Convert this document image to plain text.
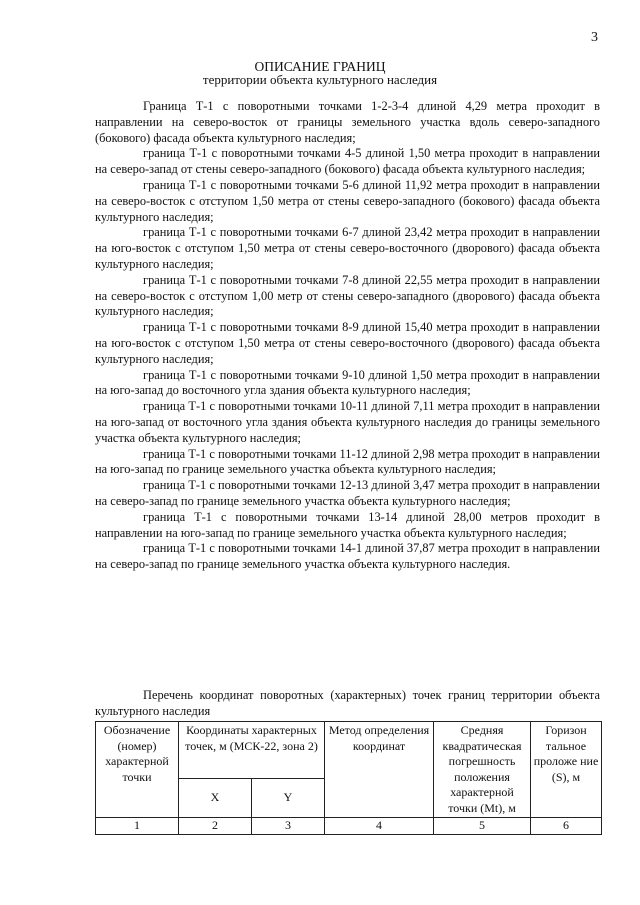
3
ОПИСАНИЕ ГРАНИЦ
территории объекта культурного наследия

Граница Т-1 с поворотными точками 1-2-3-4 длиной 4,29 метра проходит в направлении на северо-восток от границы земельного участка вдоль северо-западного (бокового) фасада объекта культурного наследия;

граница Т-1 с поворотными точками 4-5 длиной 1,50 метра проходит в направлении на северо-запад от стены северо-западного (бокового) фасада объекта культурного наследия;

граница Т-1 с поворотными точками 5-6 длиной 11,92 метра проходит в направлении на северо-восток с отступом 1,50 метра от стены северо-западного (бокового) фасада объекта культурного наследия;

граница Т-1 с поворотными точками 6-7 длиной 23,42 метра проходит в направлении на юго-восток с отступом 1,50 метра от стены северо-восточного (дворового) фасада объекта культурного наследия;

граница Т-1 с поворотными точками 7-8 длиной 22,55 метра проходит в направлении на северо-восток с отступом 1,00 метр от стены северо-западного (дворового) фасада объекта культурного наследия;

граница Т-1 с поворотными точками 8-9 длиной 15,40 метра проходит в направлении на юго-восток с отступом 1,50 метра от стены северо-восточного (дворового) фасада объекта культурного наследия;

граница Т-1 с поворотными точками 9-10 длиной 1,50 метра проходит в направлении на юго-запад до восточного угла здания объекта культурного наследия;

граница Т-1 с поворотными точками 10-11 длиной 7,11 метра проходит в направлении на юго-запад от восточного угла здания объекта культурного наследия до границы земельного участка объекта культурного наследия;

граница Т-1 с поворотными точками 11-12 длиной 2,98 метра проходит в направлении на юго-запад по границе земельного участка объекта культурного наследия;

граница Т-1 с поворотными точками 12-13 длиной 3,47 метра проходит в направлении на северо-запад по границе земельного участка объекта культурного наследия;

граница Т-1 с поворотными точками 13-14 длиной 28,00 метров проходит в направлении на юго-запад по границе земельного участка объекта культурного наследия;

граница Т-1 с поворотными точками 14-1 длиной 37,87 метра проходит в направлении на северо-запад по границе земельного участка объекта культурного наследия.

Перечень координат поворотных (характерных) точек границ территории объекта культурного наследия

Обозначение (номер) характерной точки	Координаты характерных точек, м (МСК-22, зона 2)		Метод определения координат	Средняя квадратическая погрешность положения характерной точки (Mt), м	Горизон тальное проложе ние (S), м
	X	Y			
1	2	3	4	5	6
